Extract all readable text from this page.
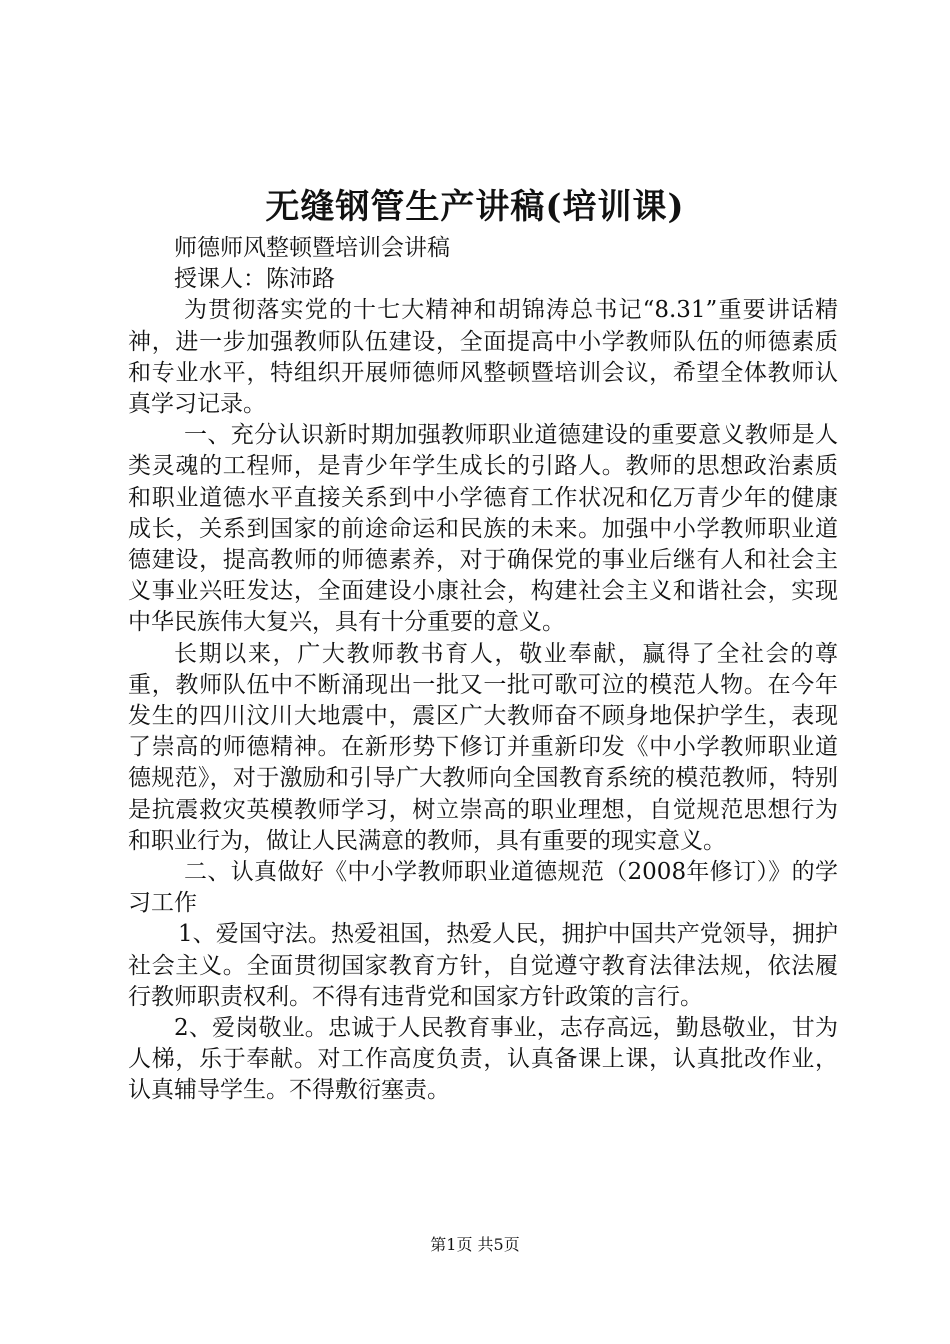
无缝钢管生产讲稿(培训课)

师德师风整顿暨培训会讲稿

授课人：陈沛路

为贯彻落实党的十七大精神和胡锦涛总书记“8.31”重要讲话精神，进一步加强教师队伍建设，全面提高中小学教师队伍的师德素质和专业水平，特组织开展师德师风整顿暨培训会议，希望全体教师认真学习记录。

一、充分认识新时期加强教师职业道德建设的重要意义教师是人类灵魂的工程师，是青少年学生成长的引路人。教师的思想政治素质和职业道德水平直接关系到中小学德育工作状况和亿万青少年的健康成长，关系到国家的前途命运和民族的未来。加强中小学教师职业道德建设，提高教师的师德素养，对于确保党的事业后继有人和社会主义事业兴旺发达，全面建设小康社会，构建社会主义和谐社会，实现中华民族伟大复兴，具有十分重要的意义。

长期以来，广大教师教书育人，敬业奉献，赢得了全社会的尊重，教师队伍中不断涌现出一批又一批可歌可泣的模范人物。在今年发生的四川汶川大地震中，震区广大教师奋不顾身地保护学生，表现了崇高的师德精神。在新形势下修订并重新印发《中小学教师职业道德规范》，对于激励和引导广大教师向全国教育系统的模范教师，特别是抗震救灾英模教师学习，树立崇高的职业理想，自觉规范思想行为和职业行为，做让人民满意的教师，具有重要的现实意义。

二、认真做好《中小学教师职业道德规范（2008年修订）》的学习工作

1、爱国守法。热爱祖国，热爱人民，拥护中国共产党领导，拥护社会主义。全面贯彻国家教育方针，自觉遵守教育法律法规，依法履行教师职责权利。不得有违背党和国家方针政策的言行。

2、爱岗敬业。忠诚于人民教育事业，志存高远，勤恳敬业，甘为人梯，乐于奉献。对工作高度负责，认真备课上课，认真批改作业，认真辅导学生。不得敷衍塞责。

第1页 共5页
